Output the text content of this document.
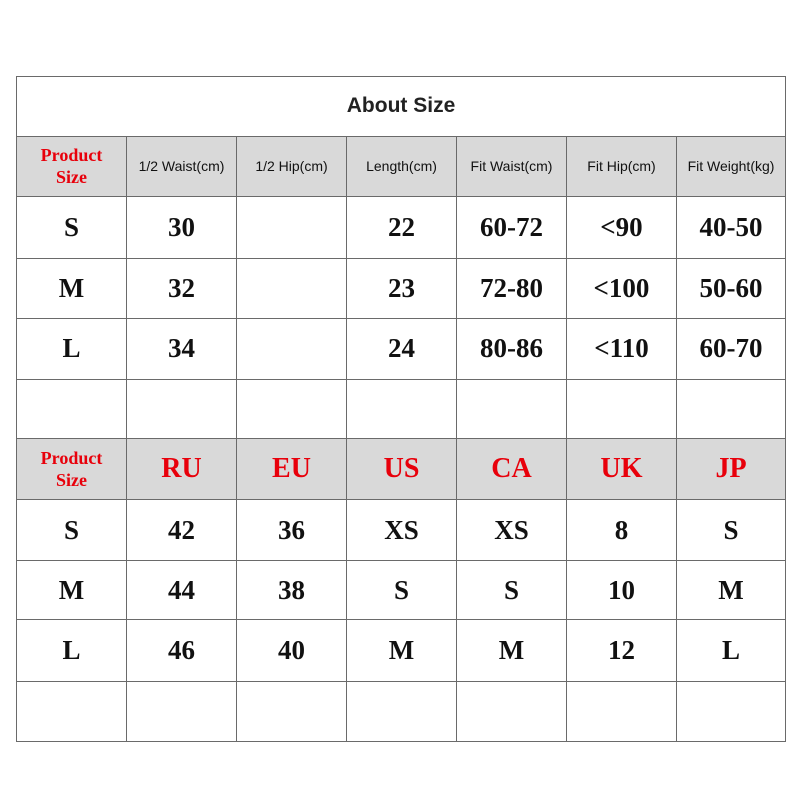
About Size						
Product
Size	1/2 Waist(cm)	1/2 Hip(cm)	Length(cm)	Fit Waist(cm)	Fit Hip(cm)	Fit Weight(kg)
S	30		22	60-72	<90	40-50
M	32		23	72-80	<100	50-60
L	34		24	80-86	<110	60-70

Product
Size	RU	EU	US	CA	UK	JP
S	42	36	XS	XS	8	S
M	44	38	S	S	10	M
L	46	40	M	M	12	L
